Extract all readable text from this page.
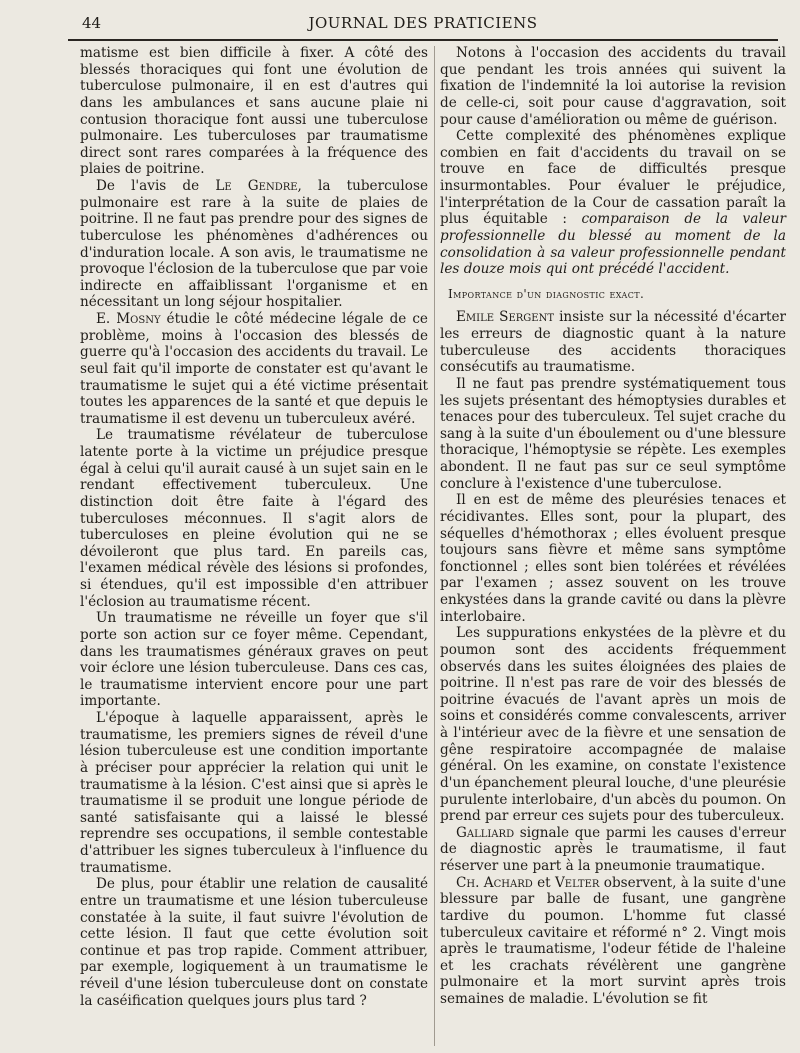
44	JOURNAL DES PRATICIENS

matisme est bien difficile à fixer. A côté des blessés thoraciques qui font une évolution de tuberculose pulmonaire, il en est d'autres qui dans les ambulances et sans aucune plaie ni contusion thoracique font aussi une tuberculose pulmonaire. Les tuberculoses par traumatisme direct sont rares comparées à la fréquence des plaies de poitrine.

De l'avis de Le Gendre, la tuberculose pulmonaire est rare à la suite de plaies de poitrine. Il ne faut pas prendre pour des signes de tuberculose les phénomènes d'adhérences ou d'induration locale. A son avis, le traumatisme ne provoque l'éclosion de la tuberculose que par voie indirecte en affaiblissant l'organisme et en nécessitant un long séjour hospitalier.

E. Mosny étudie le côté médecine légale de ce problème, moins à l'occasion des blessés de guerre qu'à l'occasion des accidents du travail. Le seul fait qu'il importe de constater est qu'avant le traumatisme le sujet qui a été victime présentait toutes les apparences de la santé et que depuis le traumatisme il est devenu un tuberculeux avéré.

Le traumatisme révélateur de tuberculose latente porte à la victime un préjudice presque égal à celui qu'il aurait causé à un sujet sain en le rendant effectivement tuberculeux. Une distinction doit être faite à l'égard des tuberculoses méconnues. Il s'agit alors de tuberculoses en pleine évolution qui ne se dévoileront que plus tard. En pareils cas, l'examen médical révèle des lésions si profondes, si étendues, qu'il est impossible d'en attribuer l'éclosion au traumatisme récent.

Un traumatisme ne réveille un foyer que s'il porte son action sur ce foyer même. Cependant, dans les traumatismes généraux graves on peut voir éclore une lésion tuberculeuse. Dans ces cas, le traumatisme intervient encore pour une part importante.

L'époque à laquelle apparaissent, après le traumatisme, les premiers signes de réveil d'une lésion tuberculeuse est une condition importante à préciser pour apprécier la relation qui unit le traumatisme à la lésion. C'est ainsi que si après le traumatisme il se produit une longue période de santé satisfaisante qui a laissé le blessé reprendre ses occupations, il semble contestable d'attribuer les signes tuberculeux à l'influence du traumatisme.

De plus, pour établir une relation de causalité entre un traumatisme et une lésion tuberculeuse constatée à la suite, il faut suivre l'évolution de cette lésion. Il faut que cette évolution soit continue et pas trop rapide. Comment attribuer, par exemple, logiquement à un traumatisme le réveil d'une lésion tuberculeuse dont on constate la caséification quelques jours plus tard ?

Notons à l'occasion des accidents du travail que pendant les trois années qui suivent la fixation de l'indemnité la loi autorise la revision de celle-ci, soit pour cause d'aggravation, soit pour cause d'amélioration ou même de guérison.

Cette complexité des phénomènes explique combien en fait d'accidents du travail on se trouve en face de difficultés presque insurmontables. Pour évaluer le préjudice, l'interprétation de la Cour de cassation paraît la plus équitable : comparaison de la valeur professionnelle du blessé au moment de la consolidation à sa valeur professionnelle pendant les douze mois qui ont précédé l'accident.

Importance d'un diagnostic exact.

Emile Sergent insiste sur la nécessité d'écarter les erreurs de diagnostic quant à la nature tuberculeuse des accidents thoraciques consécutifs au traumatisme.

Il ne faut pas prendre systématiquement tous les sujets présentant des hémoptysies durables et tenaces pour des tuberculeux. Tel sujet crache du sang à la suite d'un éboulement ou d'une blessure thoracique, l'hémoptysie se répète. Les exemples abondent. Il ne faut pas sur ce seul symptôme conclure à l'existence d'une tuberculose.

Il en est de même des pleurésies tenaces et récidivantes. Elles sont, pour la plupart, des séquelles d'hémothorax ; elles évoluent presque toujours sans fièvre et même sans symptôme fonctionnel ; elles sont bien tolérées et révélées par l'examen ; assez souvent on les trouve enkystées dans la grande cavité ou dans la plèvre interlobaire.

Les suppurations enkystées de la plèvre et du poumon sont des accidents fréquemment observés dans les suites éloignées des plaies de poitrine. Il n'est pas rare de voir des blessés de poitrine évacués de l'avant après un mois de soins et considérés comme convalescents, arriver à l'intérieur avec de la fièvre et une sensation de gêne respiratoire accompagnée de malaise général. On les examine, on constate l'existence d'un épanchement pleural louche, d'une pleurésie purulente interlobaire, d'un abcès du poumon. On prend par erreur ces sujets pour des tuberculeux.

Galliard signale que parmi les causes d'erreur de diagnostic après le traumatisme, il faut réserver une part à la pneumonie traumatique.

Ch. Achard et Velter observent, à la suite d'une blessure par balle de fusant, une gangrène tardive du poumon. L'homme fut classé tuberculeux cavitaire et réformé n° 2. Vingt mois après le traumatisme, l'odeur fétide de l'haleine et les crachats révélèrent une gangrène pulmonaire et la mort survint après trois semaines de maladie. L'évolution se fit
